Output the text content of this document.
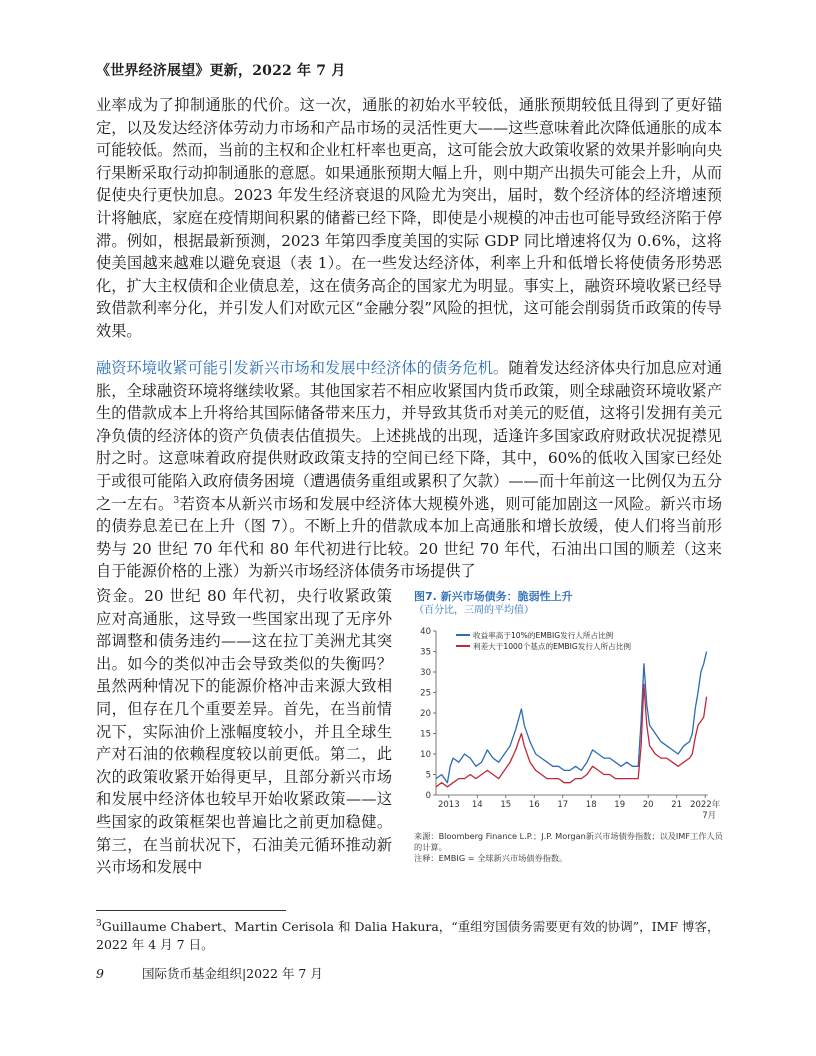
《世界经济展望》更新，2022 年 7 月
业率成为了抑制通胀的代价。这一次，通胀的初始水平较低，通胀预期较低且得到了更好锚定，以及发达经济体劳动力市场和产品市场的灵活性更大——这些意味着此次降低通胀的成本可能较低。然而，当前的主权和企业杠杆率也更高，这可能会放大政策收紧的效果并影响向央行果断采取行动抑制通胀的意愿。如果通胀预期大幅上升，则中期产出损失可能会上升，从而促使央行更快加息。2023 年发生经济衰退的风险尤为突出，届时，数个经济体的经济增速预计将触底，家庭在疫情期间积累的储蓄已经下降，即使是小规模的冲击也可能导致经济陷于停滞。例如，根据最新预测，2023 年第四季度美国的实际 GDP 同比增速将仅为 0.6%，这将使美国越来越难以避免衰退（表 1）。在一些发达经济体，利率上升和低增长将使债务形势恶化，扩大主权债和企业债息差，这在债务高企的国家尤为明显。事实上，融资环境收紧已经导致借款利率分化，并引发人们对欧元区“金融分裂”风险的担忧，这可能会削弱货币政策的传导效果。
融资环境收紧可能引发新兴市场和发展中经济体的债务危机。随着发达经济体央行加息应对通胀，全球融资环境将继续收紧。其他国家若不相应收紧国内货币政策，则全球融资环境收紧产生的借款成本上升将给其国际储备带来压力，并导致其货币对美元的贬值，这将引发拥有美元净负债的经济体的资产负债表估值损失。上述挑战的出现，适逢许多国家政府财政状况捉襟见肘之时。这意味着政府提供财政政策支持的空间已经下降，其中，60%的低收入国家已经处于或很可能陷入政府债务困境（遭遇债务重组或累积了欠款）——而十年前这一比例仅为五分之一左右。$^3$若资本从新兴市场和发展中经济体大规模外逃，则可能加剧这一风险。新兴市场的债券息差已在上升（图 7）。不断上升的借款成本加上高通胀和增长放缓，使人们将当前形势与 20 世纪 70 年代和 80 年代初进行比较。20 世纪 70 年代，石油出口国的顺差（这来自于能源价格的上涨）为新兴市场经济体债务市场提供了
资金。20 世纪 80 年代初，央行收紧政策应对高通胀，这导致一些国家出现了无序外部调整和债务违约——这在拉丁美洲尤其突出。如今的类似冲击会导致类似的失衡吗？虽然两种情况下的能源价格冲击来源大致相同，但存在几个重要差异。首先，在当前情况下，实际油价上涨幅度较小，并且全球生产对石油的依赖程度较以前更低。第二，此次的政策收紧开始得更早，且部分新兴市场和发展中经济体也较早开始收紧政策——这些国家的政策框架也普遍比之前更加稳健。第三，在当前状况下，石油美元循环推动新兴市场和发展中
图7. 新兴市场债务：脆弱性上升
（百分比，三周的平均值）
0
5
10
15
20
25
30
35
40
2013 14 15 16 17 18 19 20 21 2022年
7月
收益率高于10%的EMBIG发行人所占比例
利差大于1000个基点的EMBIG发行人所占比例
来源：Bloomberg Finance L.P.；J.P. Morgan新兴市场债券指数；以及IMF工作人员的计算。
注释：EMBIG = 全球新兴市场债券指数。
$^3$Guillaume Chabert、Martin Cerisola 和 Dalia Hakura，“重组穷国债务需要更有效的协调”，IMF 博客，2022 年 4 月 7 日。
9	国际货币基金组织|2022 年 7 月
